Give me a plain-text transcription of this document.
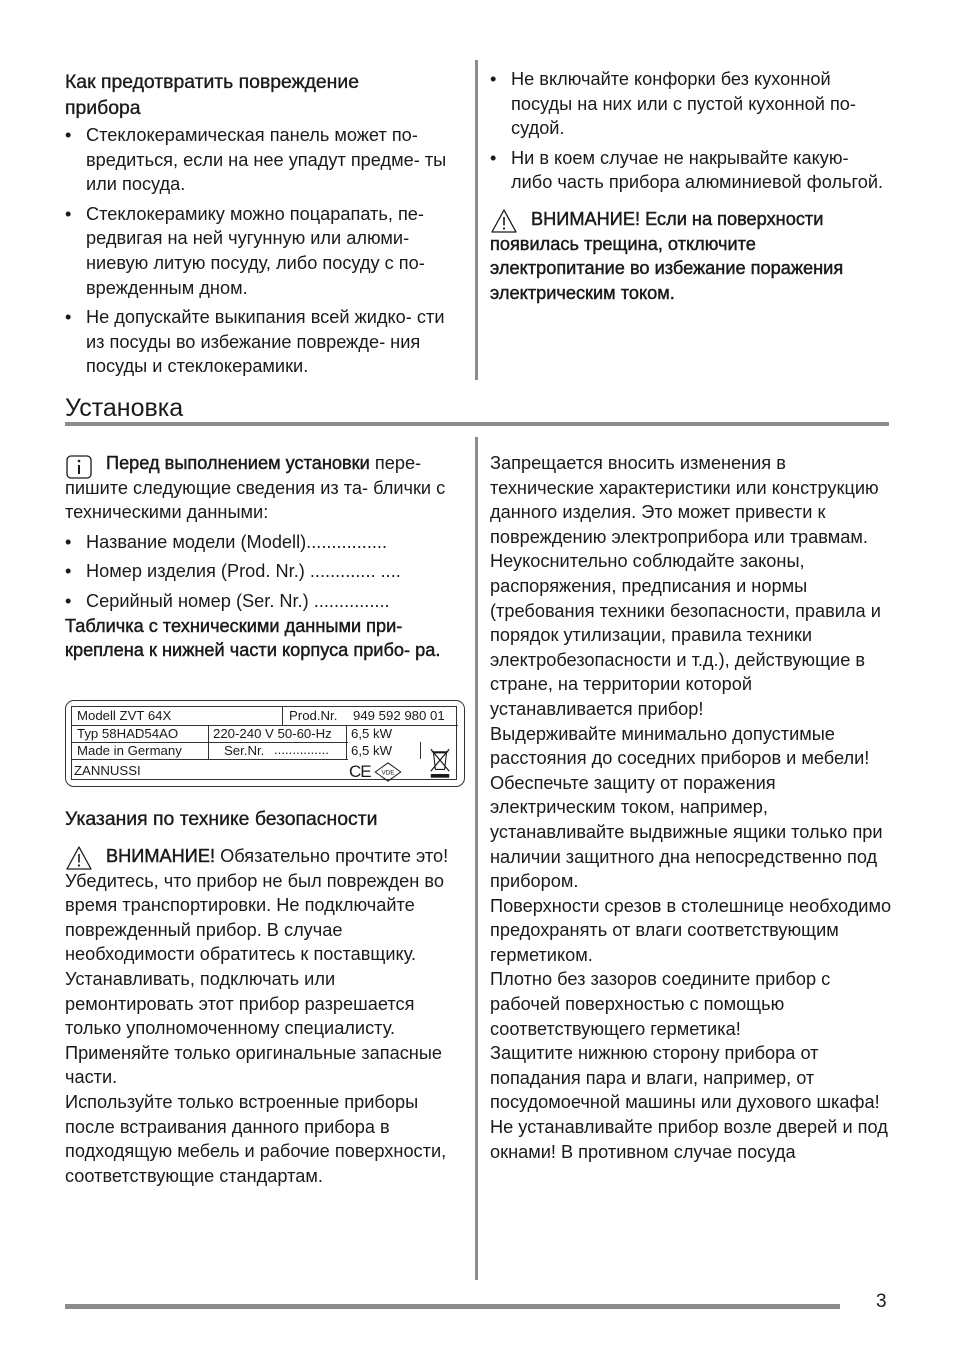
Как предотвратить повреждение прибора
• Стеклокерамическая панель может по- вредиться, если на нее упадут предме- ты или посуда.
• Стеклокерамику можно поцарапать, пе- редвигая на ней чугунную или алюми- ниевую литую посуду, либо посуду с по- врежденным дном.
• Не допускайте выкипания всей жидко- сти из посуды во избежание поврежде- ния посуды и стеклокерамики.
• Не включайте конфорки без кухонной посуды на них или с пустой кухонной по- судой.
• Ни в коем случае не накрывайте какую- либо часть прибора алюминиевой фольгой.
ВНИМАНИЕ! Если на поверхности появилась трещина, отключите электропитание во избежание поражения электрическим током.
Установка
Перед выполнением установки пере- пишите следующие сведения из та- блички с техническими данными:
• Название модели (Modell)................
• Номер изделия (Prod. Nr.) ............. ....
• Серийный номер (Ser. Nr.) ...............

Табличка с техническими данными при- креплена к нижней части корпуса прибо- ра.

Modell ZVT 64X	Prod.Nr. 949 592 980 01
Typ 58HAD54AO	220-240 V 50-60-Hz 6,5 kW
Made in Germany	Ser.Nr. ............... 6,5 kW
ZANNUSSI	CE VDE
Указания по технике безопасности
ВНИМАНИЕ! Обязательно прочтите это!

Убедитесь, что прибор не был поврежден во время транспортировки. Не подключайте поврежденный прибор. В случае необходимости обратитесь к поставщику.

Устанавливать, подключать или ремонтировать этот прибор разрешается только уполномоченному специалисту. Применяйте только оригинальные запасные части.

Используйте только встроенные приборы после встраивания данного прибора в подходящую мебель и рабочие поверхности, соответствующие стандартам.

Запрещается вносить изменения в технические характеристики или конструкцию данного изделия. Это может привести к повреждению электроприбора или травмам.

Неукоснительно соблюдайте законы, распоряжения, предписания и нормы (требования техники безопасности, правила и порядок утилизации, правила техники электробезопасности и т.д.), действующие в стране, на территории которой устанавливается прибор!

Выдерживайте минимально допустимые расстояния до соседних приборов и мебели!

Обеспечьте защиту от поражения электрическим током, например, устанавливайте выдвижные ящики только при наличии защитного дна непосредственно под прибором.

Поверхности срезов в столешнице необходимо предохранять от влаги соответствующим герметиком.

Плотно без зазоров соедините прибор с рабочей поверхностью с помощью соответствующего герметика!

Защитите нижнюю сторону прибора от попадания пара и влаги, например, от посудомоечной машины или духового шкафа!

Не устанавливайте прибор возле дверей и под окнами! В противном случае посуда

3
